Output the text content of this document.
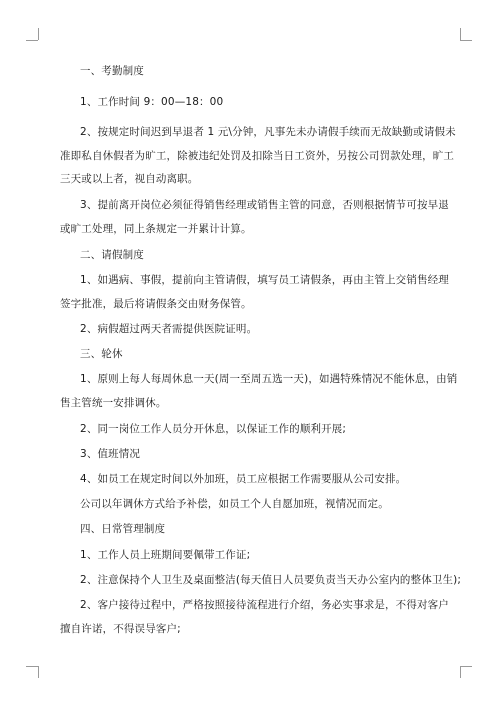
一、考勤制度
1、工作时间 9：00—18：00
2、按规定时间迟到早退者 1 元\分钟，凡事先未办请假手续而无故缺勤或请假未
准即私自休假者为旷工，除被违纪处罚及扣除当日工资外，另按公司罚款处理，旷工
三天或以上者，视自动离职。
3、提前离开岗位必须征得销售经理或销售主管的同意，否则根据情节可按早退
或旷工处理，同上条规定一并累计计算。
二、请假制度
1、如遇病、事假，提前向主管请假，填写员工请假条，再由主管上交销售经理
签字批准，最后将请假条交由财务保管。
2、病假超过两天者需提供医院证明。
三、轮休
1、原则上每人每周休息一天(周一至周五选一天)，如遇特殊情况不能休息，由销
售主管统一安排调休。
2、同一岗位工作人员分开休息，以保证工作的顺利开展;
3、值班情况
4、如员工在规定时间以外加班，员工应根据工作需要服从公司安排。
公司以年调休方式给予补偿，如员工个人自愿加班，视情况而定。
四、日常管理制度
1、工作人员上班期间要佩带工作证;
2、注意保持个人卫生及桌面整洁(每天值日人员要负责当天办公室内的整体卫生);
2、客户接待过程中，严格按照接待流程进行介绍，务必实事求是，不得对客户
擅自许诺，不得误导客户;
